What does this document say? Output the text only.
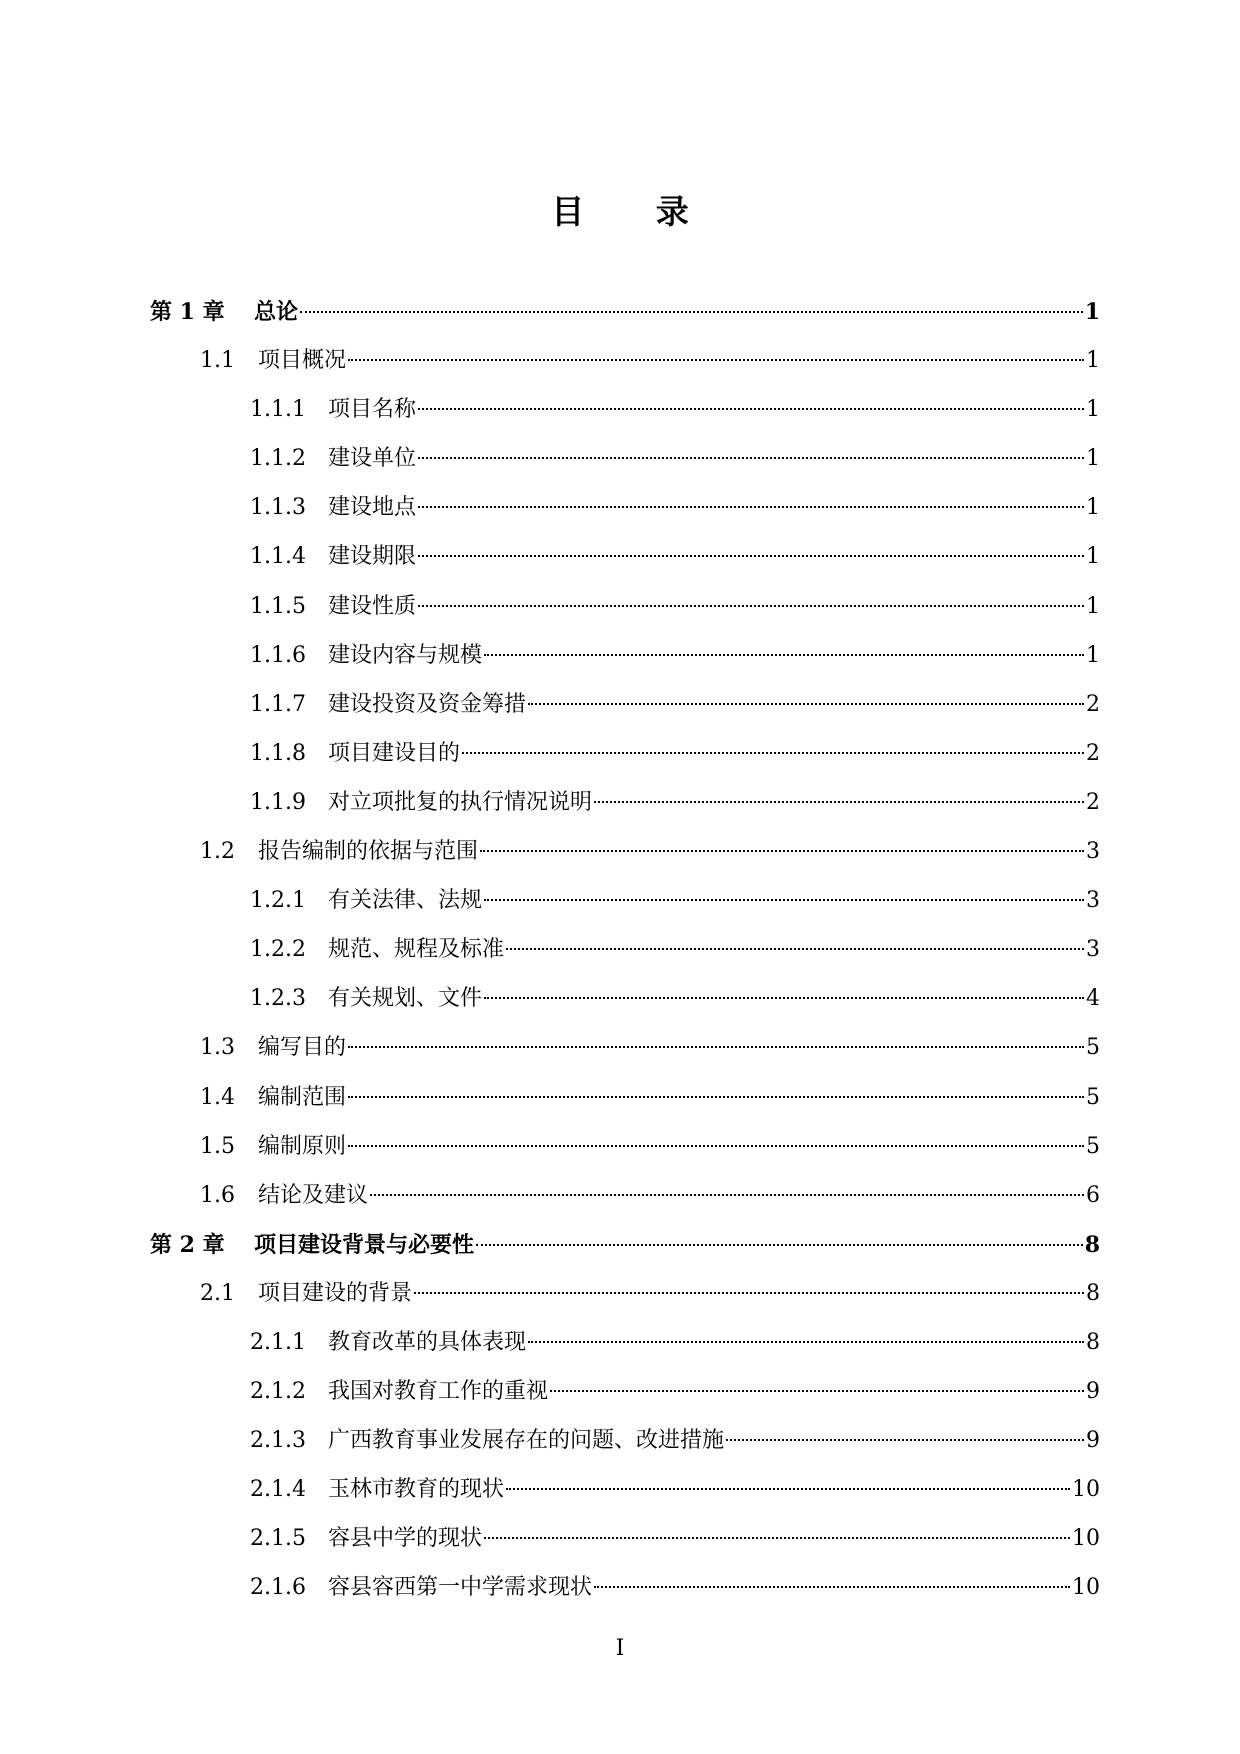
目 录
第 1 章	总论	1
1.1	项目概况	1
1.1.1	项目名称	1
1.1.2	建设单位	1
1.1.3	建设地点	1
1.1.4	建设期限	1
1.1.5	建设性质	1
1.1.6	建设内容与规模	1
1.1.7	建设投资及资金筹措	2
1.1.8	项目建设目的	2
1.1.9	对立项批复的执行情况说明	2
1.2	报告编制的依据与范围	3
1.2.1	有关法律、法规	3
1.2.2	规范、规程及标准	3
1.2.3	有关规划、文件	4
1.3	编写目的	5
1.4	编制范围	5
1.5	编制原则	5
1.6	结论及建议	6
第 2 章	项目建设背景与必要性	8
2.1	项目建设的背景	8
2.1.1	教育改革的具体表现	8
2.1.2	我国对教育工作的重视	9
2.1.3	广西教育事业发展存在的问题、改进措施	9
2.1.4	玉林市教育的现状	10
2.1.5	容县中学的现状	10
2.1.6	容县容西第一中学需求现状	10
I
